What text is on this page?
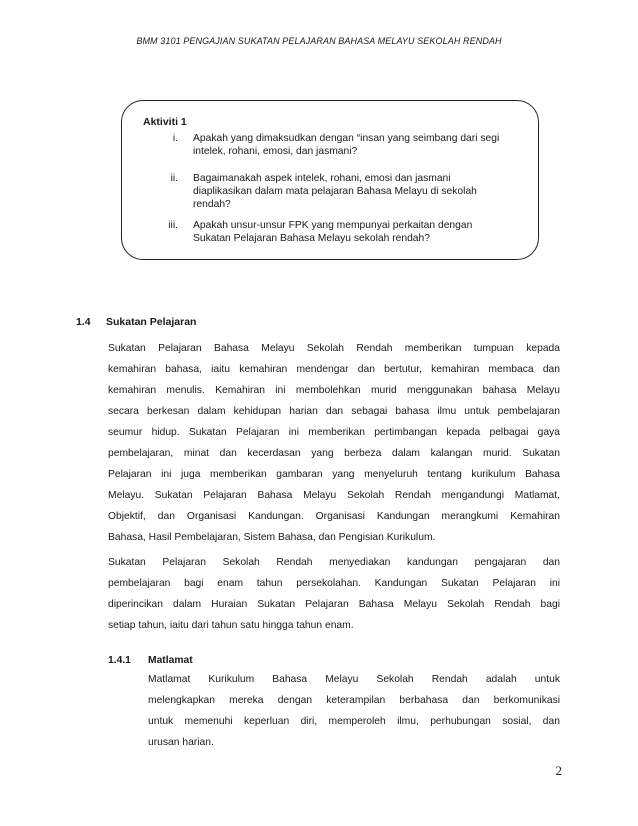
BMM 3101 PENGAJIAN SUKATAN PELAJARAN BAHASA MELAYU SEKOLAH RENDAH
Aktiviti 1
i. Apakah yang dimaksudkan dengan “insan yang seimbang dari segi
intelek, rohani, emosi, dan jasmani?
ii. Bagaimanakah aspek intelek, rohani, emosi dan jasmani
diaplikasikan dalam mata pelajaran Bahasa Melayu di sekolah
rendah?
iii. Apakah unsur-unsur FPK yang mempunyai perkaitan dengan
Sukatan Pelajaran Bahasa Melayu sekolah rendah?
1.4 Sukatan Pelajaran
Sukatan Pelajaran Bahasa Melayu Sekolah Rendah memberikan tumpuan kepada
kemahiran bahasa, iaitu kemahiran mendengar dan bertutur, kemahiran membaca dan
kemahiran menulis. Kemahiran ini membolehkan murid menggunakan bahasa Melayu
secara berkesan dalam kehidupan harian dan sebagai bahasa ilmu untuk pembelajaran
seumur hidup. Sukatan Pelajaran ini memberikan pertimbangan kepada pelbagai gaya
pembelajaran, minat dan kecerdasan yang berbeza dalam kalangan murid. Sukatan
Pelajaran ini juga memberikan gambaran yang menyeluruh tentang kurikulum Bahasa
Melayu. Sukatan Pelajaran Bahasa Melayu Sekolah Rendah mengandungi Matlamat,
Objektif, dan Organisasi Kandungan. Organisasi Kandungan merangkumi Kemahiran
Bahasa, Hasil Pembelajaran, Sistem Bahasa, dan Pengisian Kurikulum.
Sukatan Pelajaran Sekolah Rendah menyediakan kandungan pengajaran dan
pembelajaran bagi enam tahun persekolahan. Kandungan Sukatan Pelajaran ini
diperincikan dalam Huraian Sukatan Pelajaran Bahasa Melayu Sekolah Rendah bagi
setiap tahun, iaitu dari tahun satu hingga tahun enam.
1.4.1 Matlamat
Matlamat Kurikulum Bahasa Melayu Sekolah Rendah adalah untuk
melengkapkan mereka dengan keterampilan berbahasa dan berkomunikasi
untuk memenuhi keperluan diri, memperoleh ilmu, perhubungan sosial, dan
urusan harian.
2
